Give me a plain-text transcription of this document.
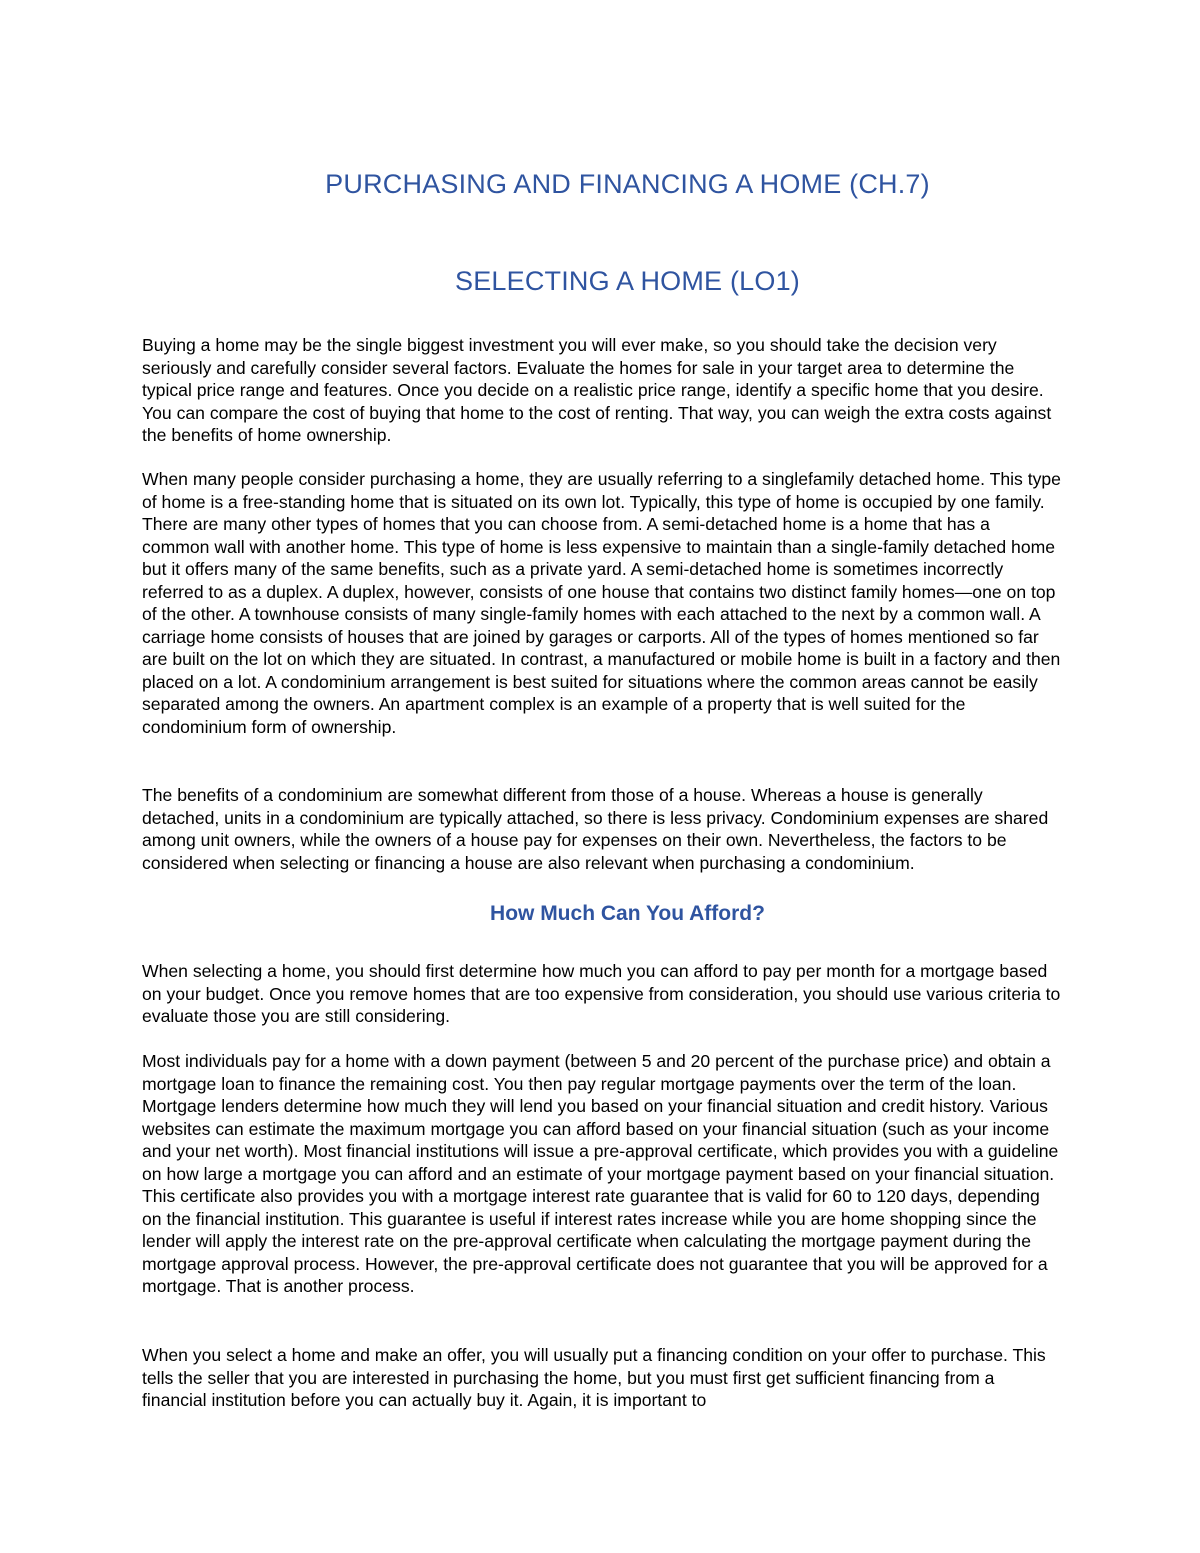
PURCHASING AND FINANCING A HOME (CH.7)
SELECTING A HOME (LO1)
Buying a home may be the single biggest investment you will ever make, so you should take the decision very seriously and carefully consider several factors. Evaluate the homes for sale in your target area to determine the typical price range and features. Once you decide on a realistic price range, identify a specific home that you desire. You can compare the cost of buying that home to the cost of renting. That way, you can weigh the extra costs against the benefits of home ownership.
When many people consider purchasing a home, they are usually referring to a singlefamily detached home. This type of home is a free-standing home that is situated on its own lot. Typically, this type of home is occupied by one family. There are many other types of homes that you can choose from. A semi-detached home is a home that has a common wall with another home. This type of home is less expensive to maintain than a single-family detached home but it offers many of the same benefits, such as a private yard. A semi-detached home is sometimes incorrectly referred to as a duplex. A duplex, however, consists of one house that contains two distinct family homes—one on top of the other. A townhouse consists of many single-family homes with each attached to the next by a common wall. A carriage home consists of houses that are joined by garages or carports. All of the types of homes mentioned so far are built on the lot on which they are situated. In contrast, a manufactured or mobile home is built in a factory and then placed on a lot. A condominium arrangement is best suited for situations where the common areas cannot be easily separated among the owners. An apartment complex is an example of a property that is well suited for the condominium form of ownership.
The benefits of a condominium are somewhat different from those of a house. Whereas a house is generally detached, units in a condominium are typically attached, so there is less privacy. Condominium expenses are shared among unit owners, while the owners of a house pay for expenses on their own. Nevertheless, the factors to be considered when selecting or financing a house are also relevant when purchasing a condominium.
How Much Can You Afford?
When selecting a home, you should first determine how much you can afford to pay per month for a mortgage based on your budget. Once you remove homes that are too expensive from consideration, you should use various criteria to evaluate those you are still considering.
Most individuals pay for a home with a down payment (between 5 and 20 percent of the purchase price) and obtain a mortgage loan to finance the remaining cost. You then pay regular mortgage payments over the term of the loan. Mortgage lenders determine how much they will lend you based on your financial situation and credit history. Various websites can estimate the maximum mortgage you can afford based on your financial situation (such as your income and your net worth). Most financial institutions will issue a pre-approval certificate, which provides you with a guideline on how large a mortgage you can afford and an estimate of your mortgage payment based on your financial situation. This certificate also provides you with a mortgage interest rate guarantee that is valid for 60 to 120 days, depending on the financial institution. This guarantee is useful if interest rates increase while you are home shopping since the lender will apply the interest rate on the pre-approval certificate when calculating the mortgage payment during the mortgage approval process. However, the pre-approval certificate does not guarantee that you will be approved for a mortgage. That is another process.
When you select a home and make an offer, you will usually put a financing condition on your offer to purchase. This tells the seller that you are interested in purchasing the home, but you must first get sufficient financing from a financial institution before you can actually buy it. Again, it is important to
